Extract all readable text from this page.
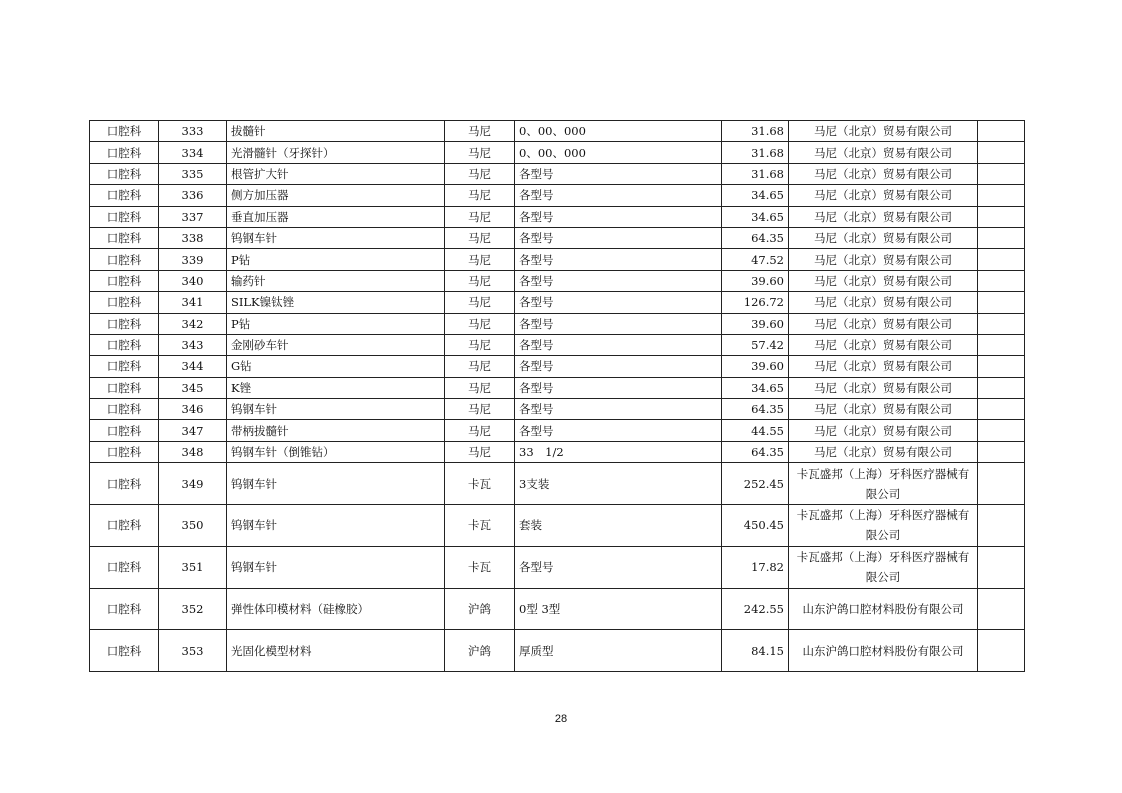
口腔科	333	拔髓针	马尼	0、00、000	31.68	马尼（北京）贸易有限公司	
口腔科	334	光滑髓针（牙探针）	马尼	0、00、000	31.68	马尼（北京）贸易有限公司	
口腔科	335	根管扩大针	马尼	各型号	31.68	马尼（北京）贸易有限公司	
口腔科	336	侧方加压器	马尼	各型号	34.65	马尼（北京）贸易有限公司	
口腔科	337	垂直加压器	马尼	各型号	34.65	马尼（北京）贸易有限公司	
口腔科	338	钨钢车针	马尼	各型号	64.35	马尼（北京）贸易有限公司	
口腔科	339	P钻	马尼	各型号	47.52	马尼（北京）贸易有限公司	
口腔科	340	输药针	马尼	各型号	39.60	马尼（北京）贸易有限公司	
口腔科	341	SILK镍钛锉	马尼	各型号	126.72	马尼（北京）贸易有限公司	
口腔科	342	P钻	马尼	各型号	39.60	马尼（北京）贸易有限公司	
口腔科	343	金刚砂车针	马尼	各型号	57.42	马尼（北京）贸易有限公司	
口腔科	344	G钻	马尼	各型号	39.60	马尼（北京）贸易有限公司	
口腔科	345	K锉	马尼	各型号	34.65	马尼（北京）贸易有限公司	
口腔科	346	钨钢车针	马尼	各型号	64.35	马尼（北京）贸易有限公司	
口腔科	347	带柄拔髓针	马尼	各型号	44.55	马尼（北京）贸易有限公司	
口腔科	348	钨钢车针（倒锥钻）	马尼	33　1/2	64.35	马尼（北京）贸易有限公司	
口腔科	349	钨钢车针	卡瓦	3支装	252.45	卡瓦盛邦（上海）牙科医疗器械有限公司	
口腔科	350	钨钢车针	卡瓦	套装	450.45	卡瓦盛邦（上海）牙科医疗器械有限公司	
口腔科	351	钨钢车针	卡瓦	各型号	17.82	卡瓦盛邦（上海）牙科医疗器械有限公司	
口腔科	352	弹性体印模材料（硅橡胶）	沪鸽	0型 3型	242.55	山东沪鸽口腔材料股份有限公司	
口腔科	353	光固化模型材料	沪鸽	厚质型	84.15	山东沪鸽口腔材料股份有限公司	
28
